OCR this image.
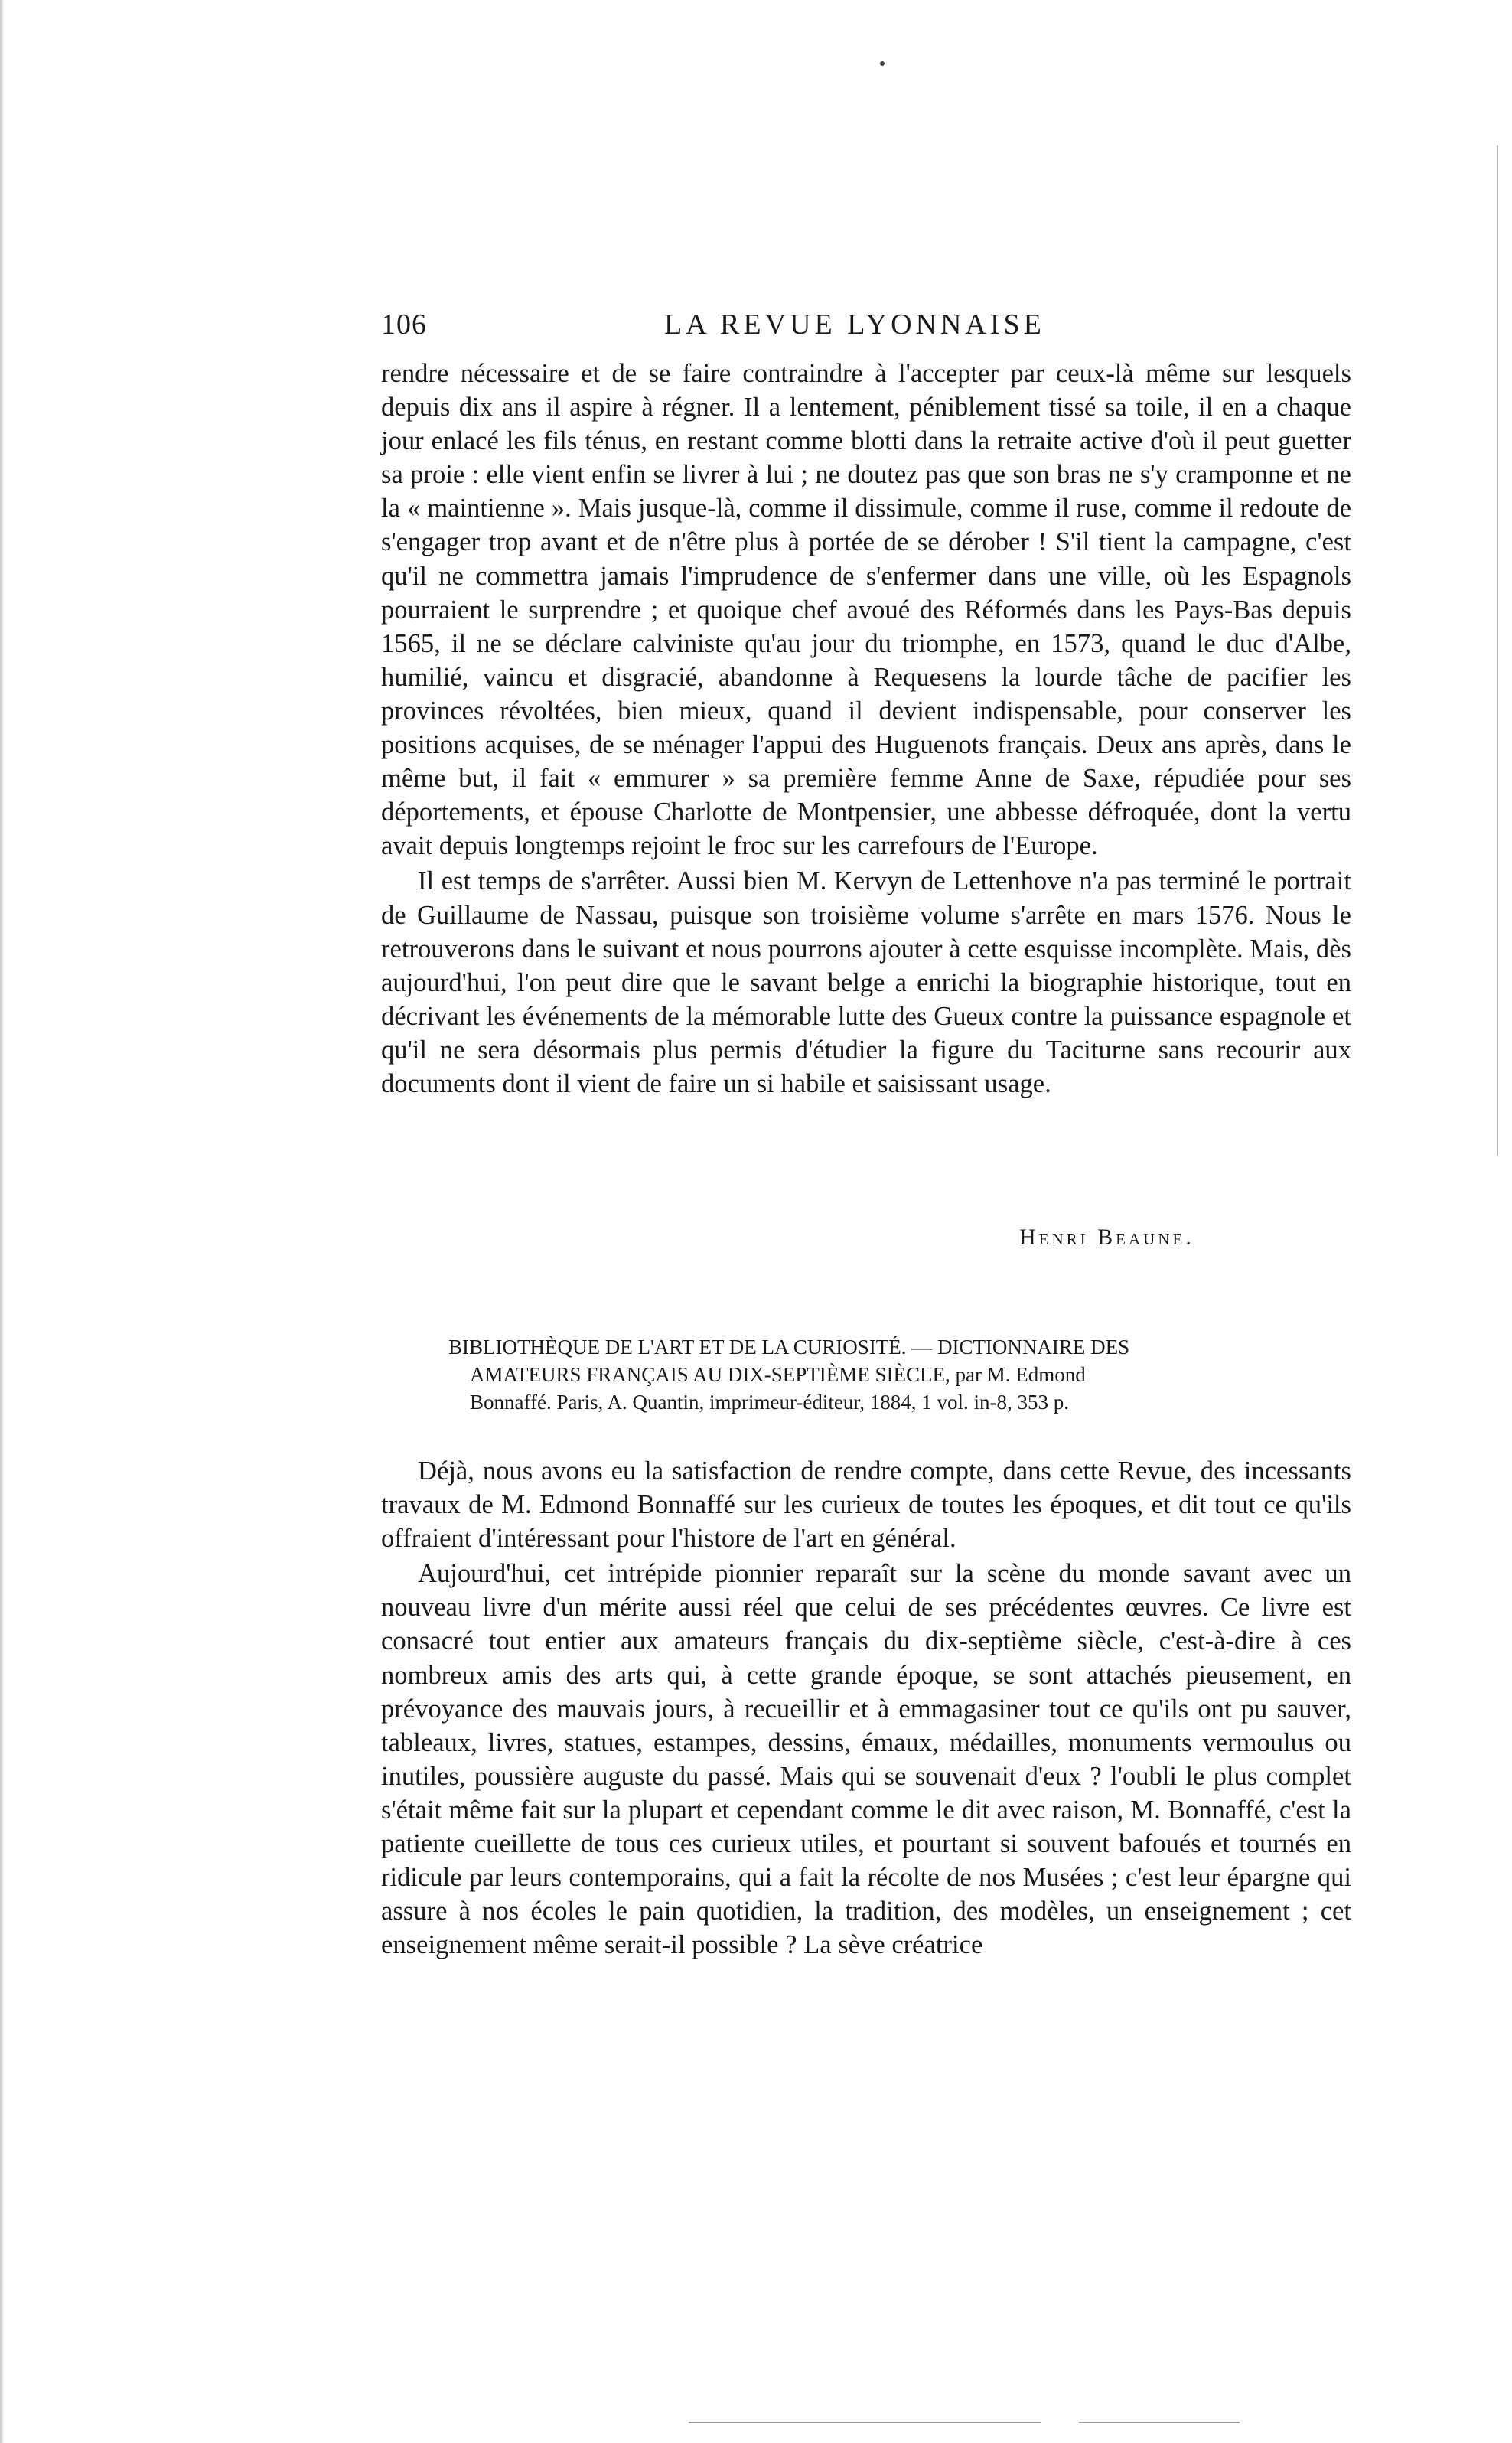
106	LA REVUE LYONNAISE

rendre nécessaire et de se faire contraindre à l'accepter par ceux-là même sur lesquels depuis dix ans il aspire à régner. Il a lentement, péniblement tissé sa toile, il en a chaque jour enlacé les fils ténus, en restant comme blotti dans la retraite active d'où il peut guetter sa proie : elle vient enfin se livrer à lui ; ne doutez pas que son bras ne s'y cramponne et ne la « maintienne ». Mais jusque-là, comme il dissimule, comme il ruse, comme il redoute de s'engager trop avant et de n'être plus à portée de se dérober ! S'il tient la campagne, c'est qu'il ne commettra jamais l'imprudence de s'enfermer dans une ville, où les Espagnols pourraient le surprendre ; et quoique chef avoué des Réformés dans les Pays-Bas depuis 1565, il ne se déclare calviniste qu'au jour du triomphe, en 1573, quand le duc d'Albe, humilié, vaincu et disgracié, abandonne à Requesens la lourde tâche de pacifier les provinces révoltées, bien mieux, quand il devient indispensable, pour conserver les positions acquises, de se ménager l'appui des Huguenots français. Deux ans après, dans le même but, il fait « emmurer » sa première femme Anne de Saxe, répudiée pour ses déportements, et épouse Charlotte de Montpensier, une abbesse défroquée, dont la vertu avait depuis longtemps rejoint le froc sur les carrefours de l'Europe.

Il est temps de s'arrêter. Aussi bien M. Kervyn de Lettenhove n'a pas terminé le portrait de Guillaume de Nassau, puisque son troisième volume s'arrête en mars 1576. Nous le retrouverons dans le suivant et nous pourrons ajouter à cette esquisse incomplète. Mais, dès aujourd'hui, l'on peut dire que le savant belge a enrichi la biographie historique, tout en décrivant les événements de la mémorable lutte des Gueux contre la puissance espagnole et qu'il ne sera désormais plus permis d'étudier la figure du Taciturne sans recourir aux documents dont il vient de faire un si habile et saisissant usage.

Henri Beaune.
BIBLIOTHÈQUE DE L'ART ET DE LA CURIOSITÉ. — DICTIONNAIRE DES
AMATEURS FRANÇAIS AU DIX-SEPTIÈME SIÈCLE, par M. Edmond
Bonnaffé. Paris, A. Quantin, imprimeur-éditeur, 1884, 1 vol. in-8, 353 p.

Déjà, nous avons eu la satisfaction de rendre compte, dans cette Revue, des incessants travaux de M. Edmond Bonnaffé sur les curieux de toutes les époques, et dit tout ce qu'ils offraient d'intéressant pour l'histore de l'art en général.

Aujourd'hui, cet intrépide pionnier reparaît sur la scène du monde savant avec un nouveau livre d'un mérite aussi réel que celui de ses précédentes œuvres. Ce livre est consacré tout entier aux amateurs français du dix-septième siècle, c'est-à-dire à ces nombreux amis des arts qui, à cette grande époque, se sont attachés pieusement, en prévoyance des mauvais jours, à recueillir et à emmagasiner tout ce qu'ils ont pu sauver, tableaux, livres, statues, estampes, dessins, émaux, médailles, monuments vermoulus ou inutiles, poussière auguste du passé. Mais qui se souvenait d'eux ? l'oubli le plus complet s'était même fait sur la plupart et cependant comme le dit avec raison, M. Bonnaffé, c'est la patiente cueillette de tous ces curieux utiles, et pourtant si souvent bafoués et tournés en ridicule par leurs contemporains, qui a fait la récolte de nos Musées ; c'est leur épargne qui assure à nos écoles le pain quotidien, la tradition, des modèles, un enseignement ; cet enseignement même serait-il possible ? La sève créatrice
